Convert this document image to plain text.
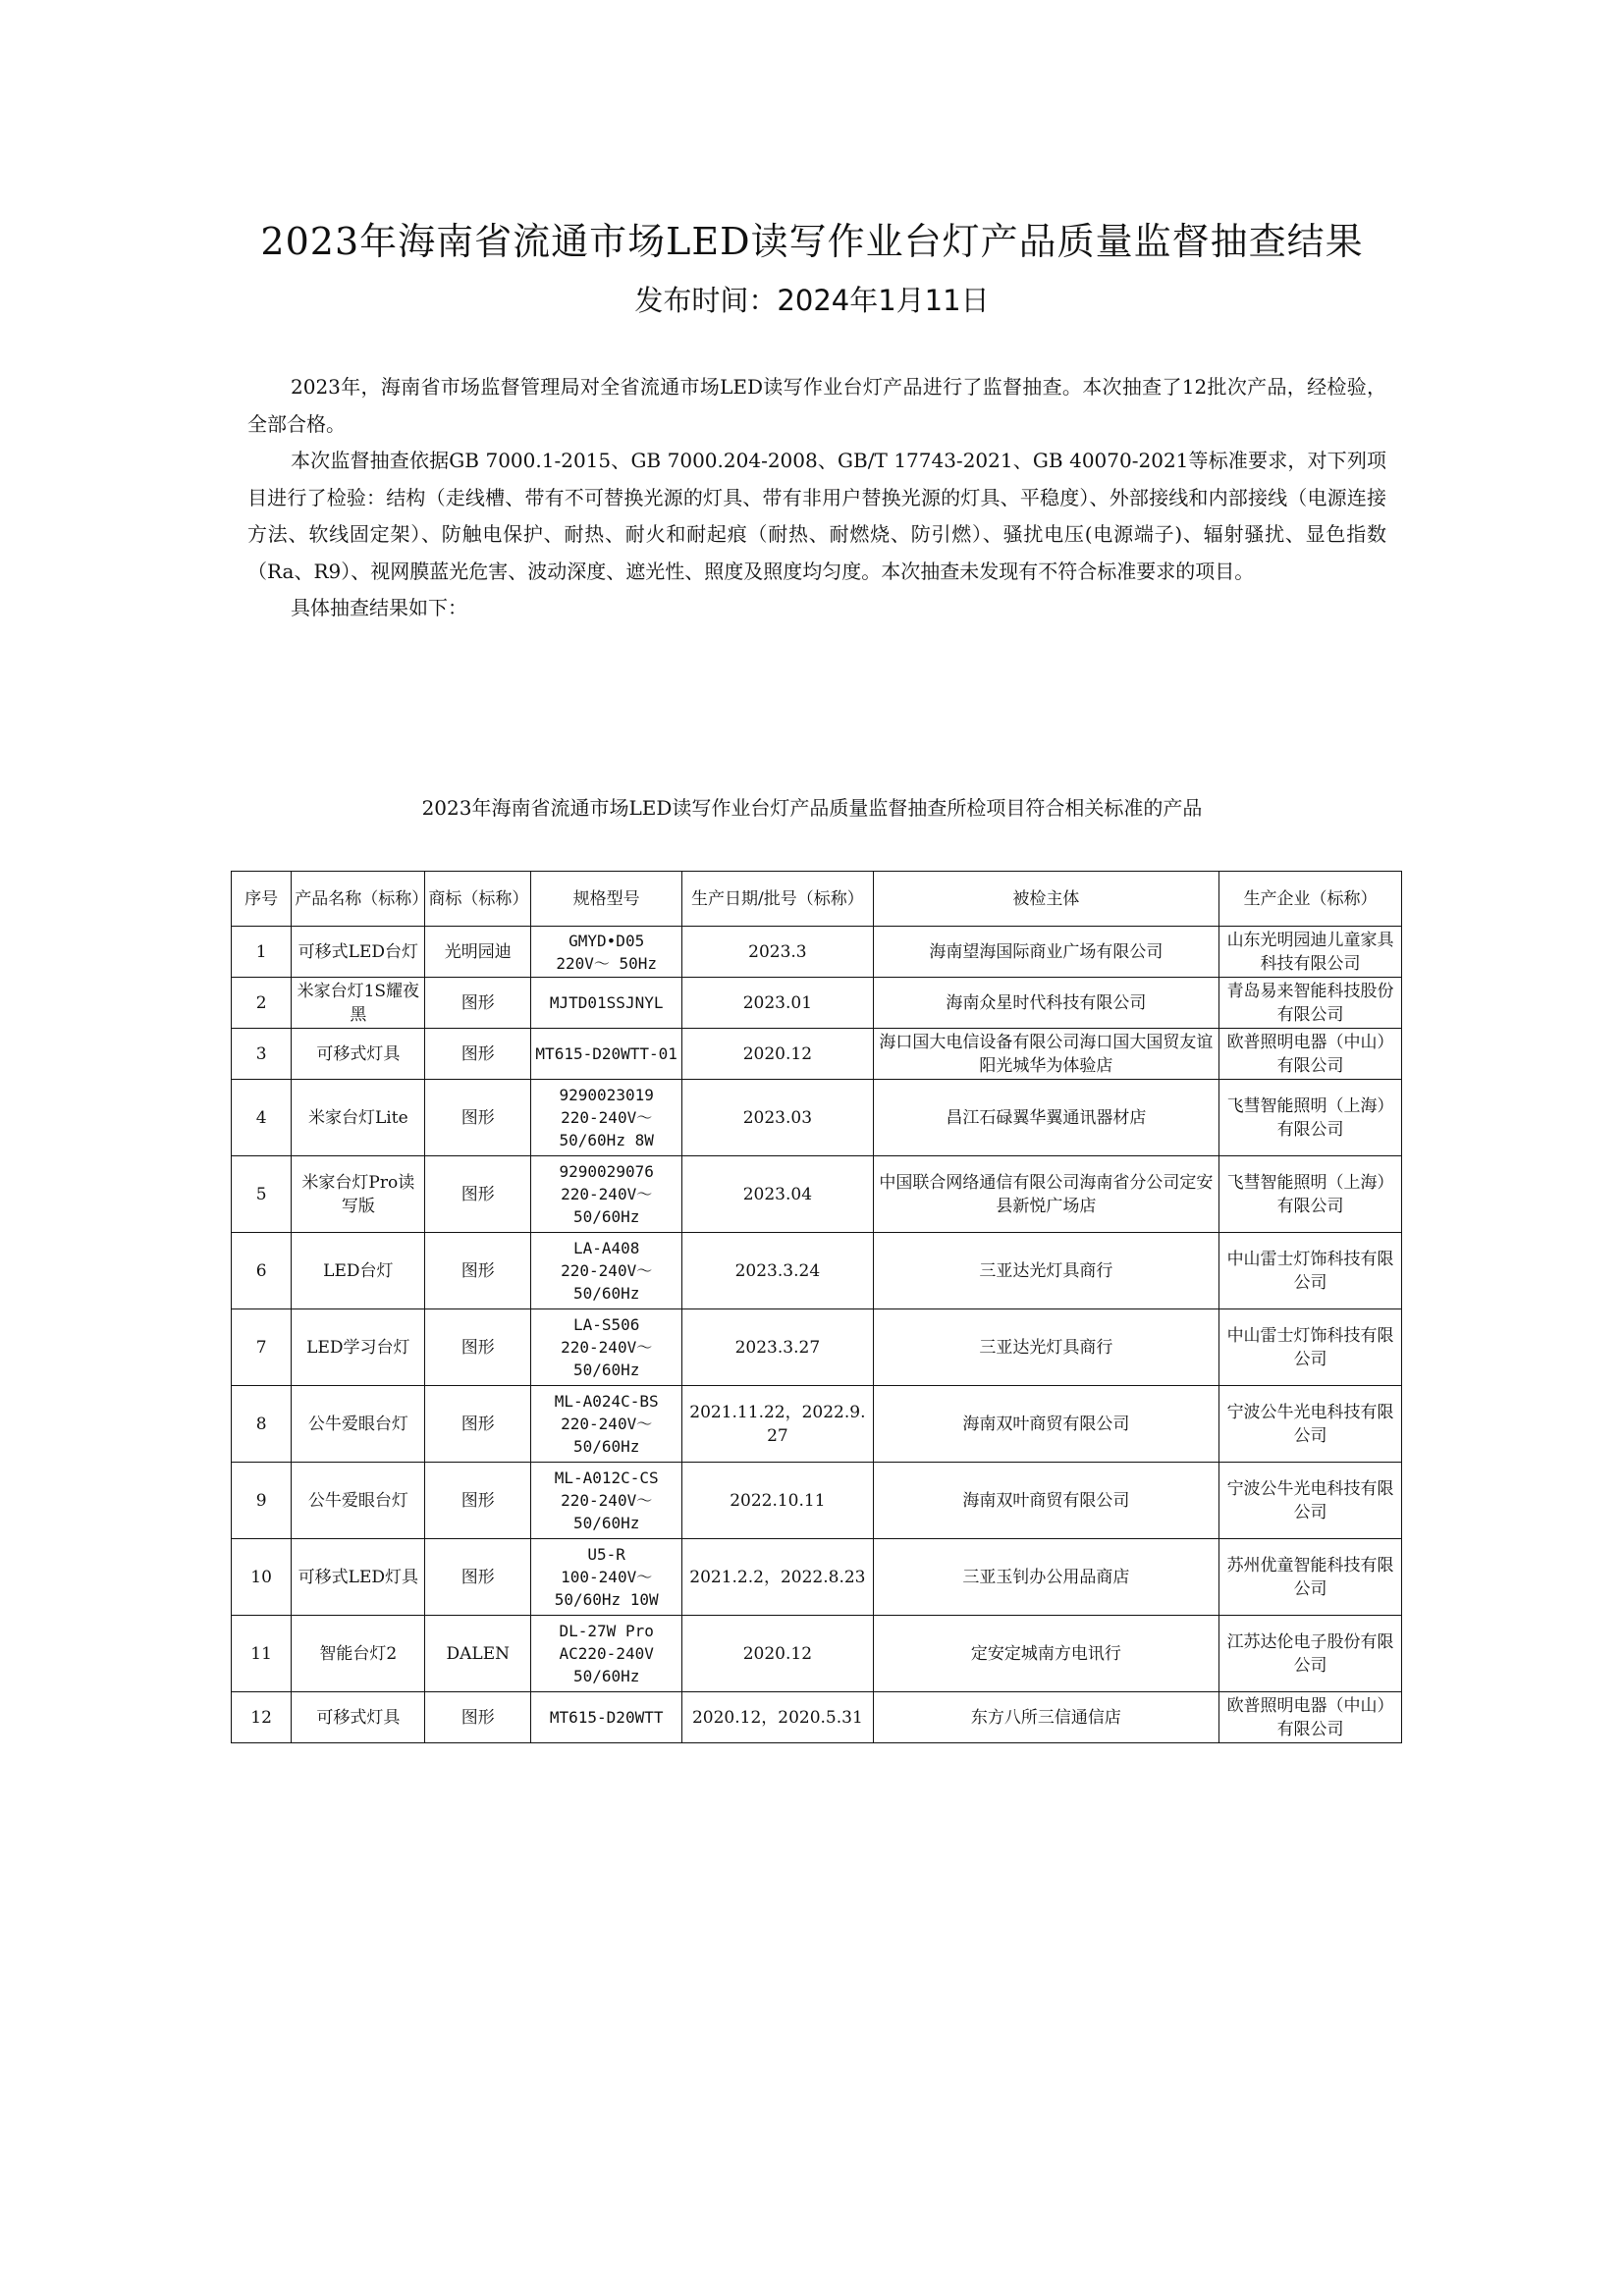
2023年海南省流通市场LED读写作业台灯产品质量监督抽查结果
发布时间：2024年1月11日

2023年，海南省市场监督管理局对全省流通市场LED读写作业台灯产品进行了监督抽查。本次抽查了12批次产品，经检验，全部合格。

本次监督抽查依据GB 7000.1-2015、GB 7000.204-2008、GB/T 17743-2021、GB 40070-2021等标准要求，对下列项目进行了检验：结构（走线槽、带有不可替换光源的灯具、带有非用户替换光源的灯具、平稳度）、外部接线和内部接线（电源连接方法、软线固定架）、防触电保护、耐热、耐火和耐起痕（耐热、耐燃烧、防引燃）、骚扰电压(电源端子)、辐射骚扰、显色指数（Ra、R9）、视网膜蓝光危害、波动深度、遮光性、照度及照度均匀度。本次抽查未发现有不符合标准要求的项目。

具体抽查结果如下：

2023年海南省流通市场LED读写作业台灯产品质量监督抽查所检项目符合相关标准的产品
序号	产品名称（标称）	商标（标称）	规格型号	生产日期/批号（标称）	被检主体	生产企业（标称）
1	可移式LED台灯	光明园迪	GMYD•D05
220V～ 50Hz	2023.3	海南望海国际商业广场有限公司	山东光明园迪儿童家具科技有限公司
2	米家台灯1S耀夜黑	图形	MJTD01SSJNYL	2023.01	海南众星时代科技有限公司	青岛易来智能科技股份有限公司
3	可移式灯具	图形	MT615-D20WTT-01	2020.12	海口国大电信设备有限公司海口国大国贸友谊阳光城华为体验店	欧普照明电器（中山）有限公司
4	米家台灯Lite	图形	9290023019
220-240V～
50/60Hz 8W	2023.03	昌江石碌翼华翼通讯器材店	飞彗智能照明（上海）有限公司
5	米家台灯Pro读写版	图形	9290029076
220-240V～
50/60Hz	2023.04	中国联合网络通信有限公司海南省分公司定安县新悦广场店	飞彗智能照明（上海）有限公司
6	LED台灯	图形	LA-A408
220-240V～
50/60Hz	2023.3.24	三亚达光灯具商行	中山雷士灯饰科技有限公司
7	LED学习台灯	图形	LA-S506
220-240V～
50/60Hz	2023.3.27	三亚达光灯具商行	中山雷士灯饰科技有限公司
8	公牛爱眼台灯	图形	ML-A024C-BS
220-240V～
50/60Hz	2021.11.22，2022.9.27	海南双叶商贸有限公司	宁波公牛光电科技有限公司
9	公牛爱眼台灯	图形	ML-A012C-CS
220-240V～
50/60Hz	2022.10.11	海南双叶商贸有限公司	宁波公牛光电科技有限公司
10	可移式LED灯具	图形	U5-R
100-240V～
50/60Hz 10W	2021.2.2，2022.8.23	三亚玉钊办公用品商店	苏州优童智能科技有限公司
11	智能台灯2	DALEN	DL-27W Pro
AC220-240V
50/60Hz	2020.12	定安定城南方电讯行	江苏达伦电子股份有限公司
12	可移式灯具	图形	MT615-D20WTT	2020.12，2020.5.31	东方八所三信通信店	欧普照明电器（中山）有限公司
